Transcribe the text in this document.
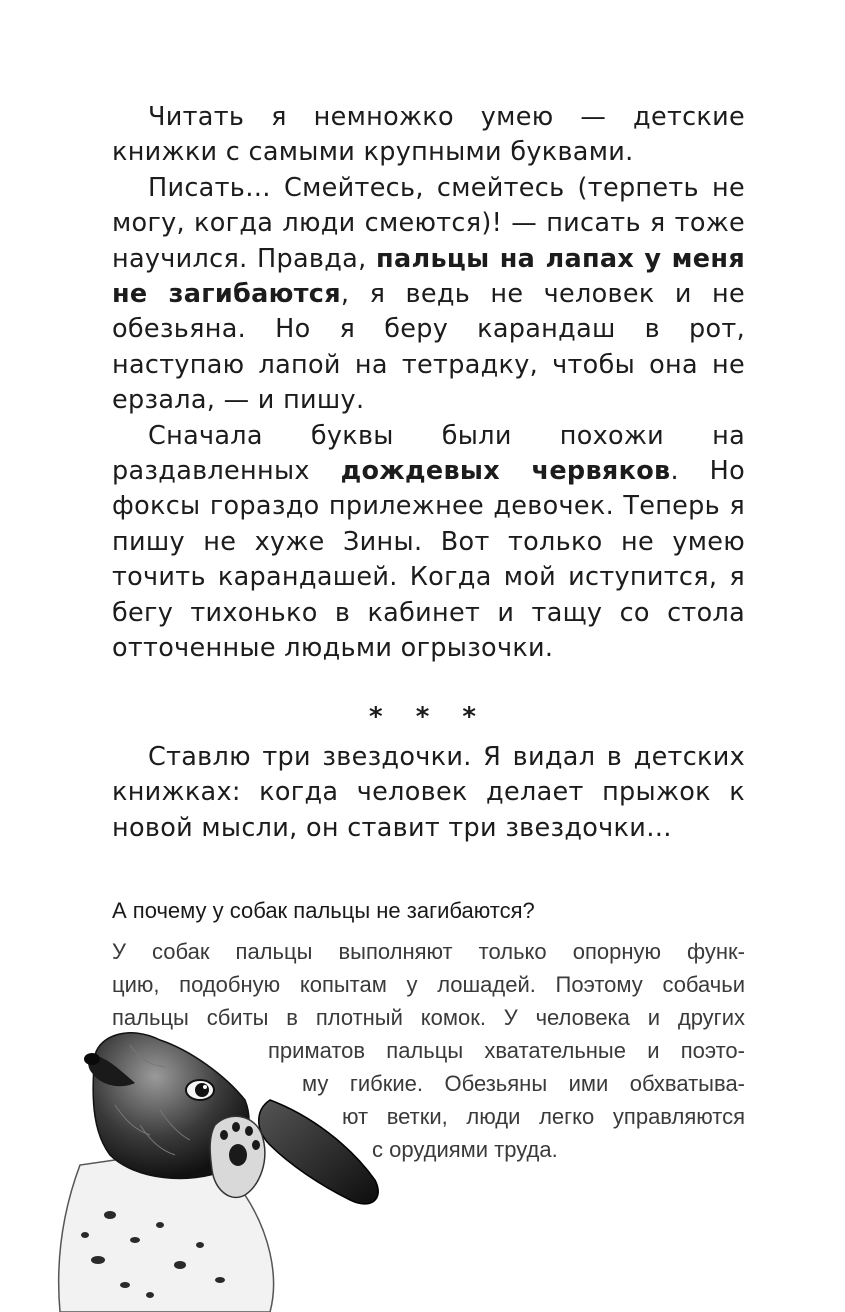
Читать я немножко умею — детские книжки с самыми крупными буквами.

Писать… Смейтесь, смейтесь (терпеть не могу, когда люди смеются)! — писать я тоже научился. Правда, пальцы на лапах у меня не загибаются, я ведь не человек и не обезьяна. Но я беру карандаш в рот, наступаю лапой на тетрадку, чтобы она не ерзала, — и пишу.

Сначала буквы были похожи на раздавленных дождевых червяков. Но фоксы гораздо прилежнее девочек. Теперь я пишу не хуже Зины. Вот только не умею точить карандашей. Когда мой иступится, я бегу тихонько в кабинет и тащу со стола отточенные людьми огрызочки.

* * *

Ставлю три звездочки. Я видал в детских книжках: когда человек делает прыжок к новой мысли, он ставит три звездочки…

А почему у собак пальцы не загибаются?
У собак пальцы выполняют только опорную функ-
цию, подобную копытам у лошадей. Поэтому собачьи
пальцы сбиты в плотный комок. У человека и других
приматов пальцы хватательные и поэто-
му гибкие. Обезьяны ими обхватыва-
ют ветки, люди легко управляются
с орудиями труда.
